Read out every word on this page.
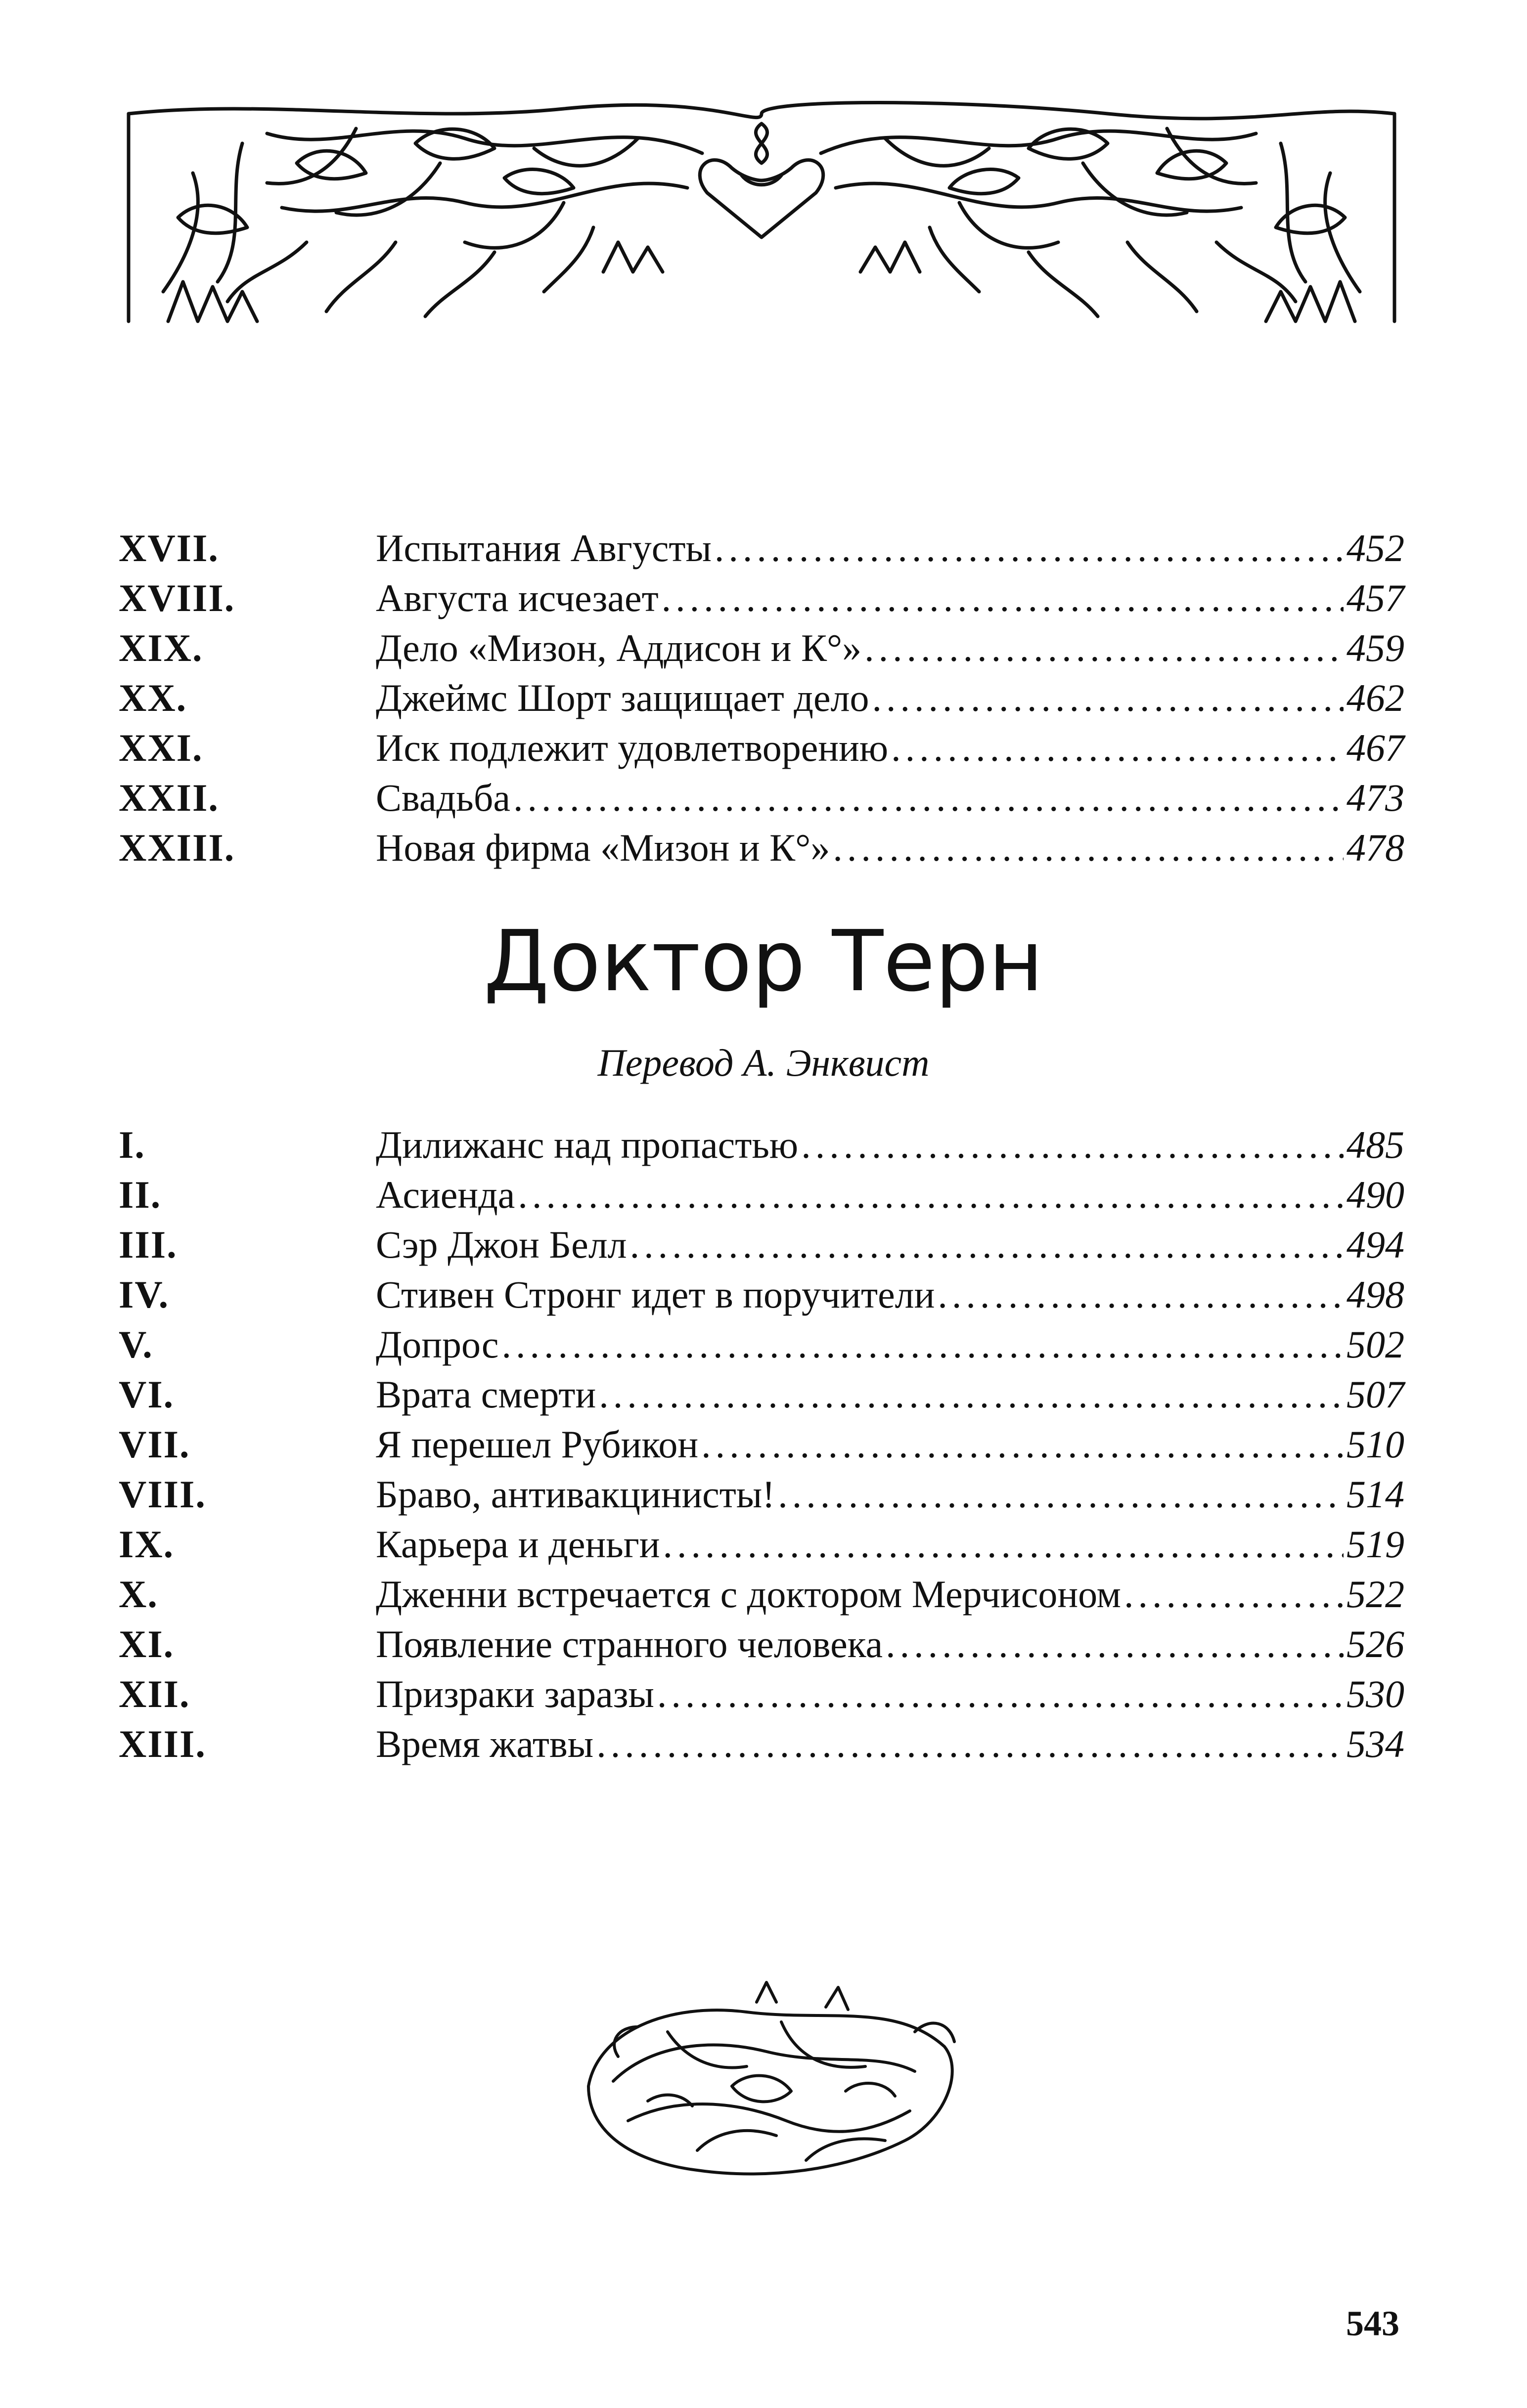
XVII.	Испытания Августы .....	452
XVIII.	Августа исчезает .....	457
XIX.	Дело «Мизон, Аддисон и К°» .....	459
XX.	Джеймс Шорт защищает дело .....	462
XXI.	Иск подлежит удовлетворению .....	467
XXII.	Свадьба .....	473
XXIII.	Новая фирма «Мизон и К°» .....	478
Доктор Терн
Перевод А. Энквист
I.	Дилижанс над пропастью .....	485
II.	Асиенда .....	490
III.	Сэр Джон Белл .....	494
IV.	Стивен Стронг идет в поручители .....	498
V.	Допрос .....	502
VI.	Врата смерти .....	507
VII.	Я перешел Рубикон .....	510
VIII.	Браво, антивакцинисты! .....	514
IX.	Карьера и деньги .....	519
X.	Дженни встречается с доктором Мерчисоном .....	522
XI.	Появление странного человека .....	526
XII.	Призраки заразы .....	530
XIII.	Время жатвы .....	534
543
